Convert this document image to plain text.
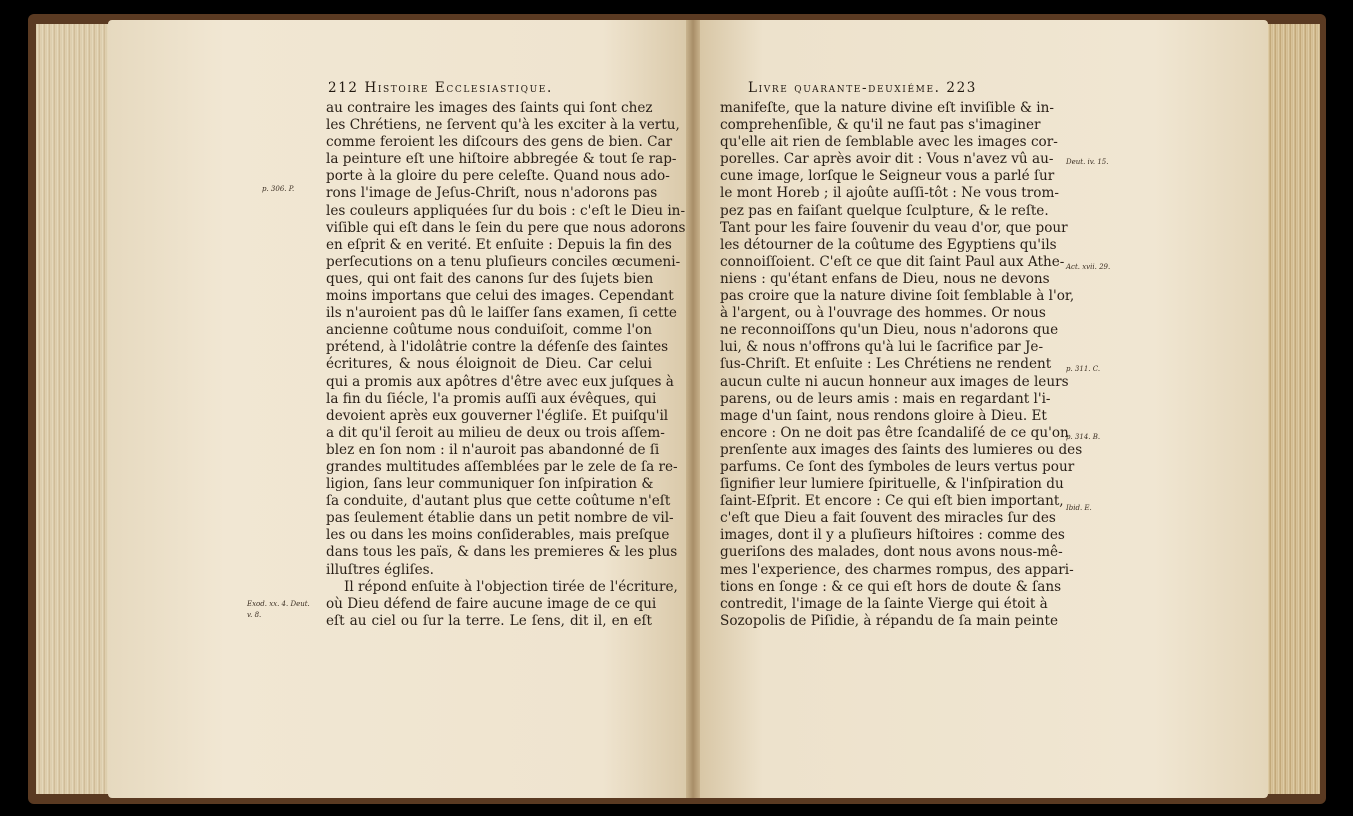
212 Histoire Ecclesiastique.
au contraire les images des ſaints qui ſont chez
les Chrétiens, ne ſervent qu'à les exciter à la vertu,
comme feroient les diſcours des gens de bien. Car
la peinture eſt une hiſtoire abbregée & tout ſe rap-
porte à la gloire du pere celeſte. Quand nous ado-
rons l'image de Jeſus-Chriſt, nous n'adorons pas
les couleurs appliquées ſur du bois : c'eſt le Dieu in-
viſible qui eſt dans le ſein du pere que nous adorons
en eſprit & en verité. Et enſuite : Depuis la fin des
perſecutions on a tenu pluſieurs conciles œcumeni-
ques, qui ont fait des canons ſur des ſujets bien
moins importans que celui des images. Cependant
ils n'auroient pas dû le laiſſer ſans examen, ſi cette
ancienne coûtume nous conduiſoit, comme l'on
prétend, à l'idolâtrie contre la défenſe des ſaintes
écritures, & nous éloignoit de Dieu. Car celui
qui a promis aux apôtres d'être avec eux juſques à
la fin du ſiécle, l'a promis auſſi aux évêques, qui
devoient après eux gouverner l'égliſe. Et puiſqu'il
a dit qu'il ſeroit au milieu de deux ou trois aſſem-
blez en ſon nom : il n'auroit pas abandonné de ſi
grandes multitudes aſſemblées par le zele de ſa re-
ligion, ſans leur communiquer ſon inſpiration &
ſa conduite, d'autant plus que cette coûtume n'eſt
pas ſeulement établie dans un petit nombre de vil-
les ou dans les moins conſiderables, mais preſque
dans tous les païs, & dans les premieres & les plus
illuſtres égliſes.
Il répond enſuite à l'objection tirée de l'écriture,
où Dieu défend de faire aucune image de ce qui
eſt au ciel ou ſur la terre. Le ſens, dit il, en eſt
p. 306. P.
Exod. xx. 4. Deut.
v. 8.
Livre quarante-deuxiéme. 223
manifeſte, que la nature divine eſt inviſible & in-
comprehenſible, & qu'il ne faut pas s'imaginer
qu'elle ait rien de ſemblable avec les images cor-
porelles. Car après avoir dit : Vous n'avez vû au-
cune image, lorſque le Seigneur vous a parlé ſur
le mont Horeb ; il ajoûte auſſi-tôt : Ne vous trom-
pez pas en faiſant quelque ſculpture, & le reſte.
Tant pour les faire ſouvenir du veau d'or, que pour
les détourner de la coûtume des Egyptiens qu'ils
connoiſſoient. C'eſt ce que dit ſaint Paul aux Athe-
niens : qu'étant enfans de Dieu, nous ne devons
pas croire que la nature divine ſoit ſemblable à l'or,
à l'argent, ou à l'ouvrage des hommes. Or nous
ne reconnoiſſons qu'un Dieu, nous n'adorons que
lui, & nous n'offrons qu'à lui le ſacrifice par Je-
ſus-Chriſt. Et enſuite : Les Chrétiens ne rendent
aucun culte ni aucun honneur aux images de leurs
parens, ou de leurs amis : mais en regardant l'i-
mage d'un ſaint, nous rendons gloire à Dieu. Et
encore : On ne doit pas être ſcandaliſé de ce qu'on
prenſente aux images des ſaints des lumieres ou des
parfums. Ce ſont des ſymboles de leurs vertus pour
ſignifier leur lumiere ſpirituelle, & l'inſpiration du
ſaint-Eſprit. Et encore : Ce qui eſt bien important,
c'eſt que Dieu a fait ſouvent des miracles ſur des
images, dont il y a pluſieurs hiſtoires : comme des
gueriſons des malades, dont nous avons nous-mê-
mes l'experience, des charmes rompus, des appari-
tions en ſonge : & ce qui eſt hors de doute & ſans
contredit, l'image de la ſainte Vierge qui étoit à
Sozopolis de Piſidie, à répandu de ſa main peinte
Deut. iv. 15.
Act. xvii. 29.
p. 311. C.
p. 314. B.
Ibid. E.
